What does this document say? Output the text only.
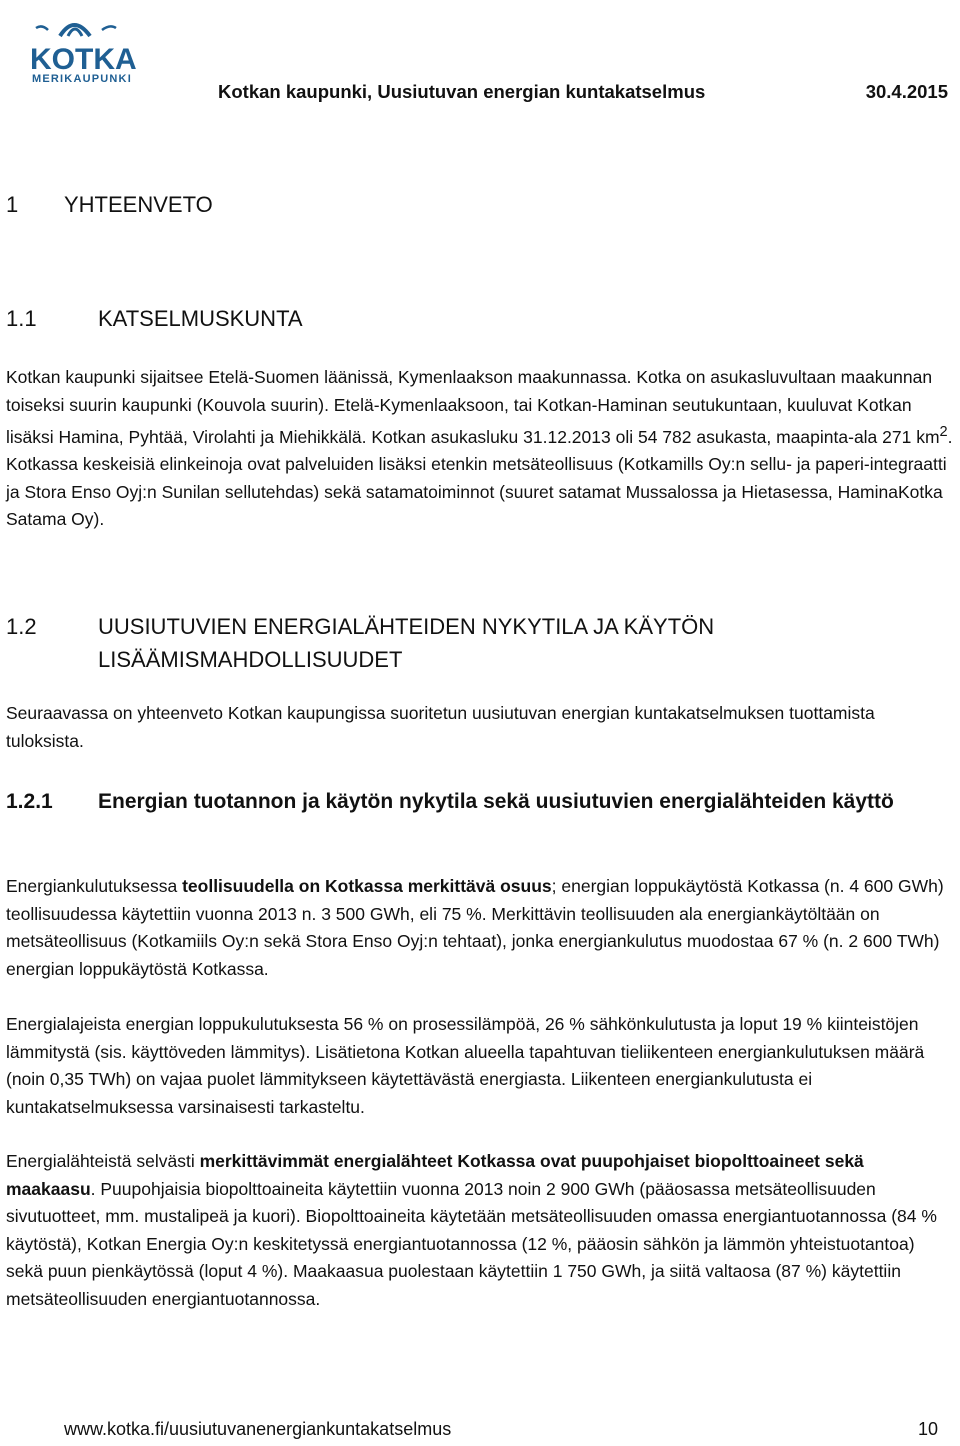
KOTKA
MERIKAUPUNKI
Kotkan kaupunki, Uusiutuvan energian kuntakatselmus	30.4.2015
1 YHTEENVETO
1.1	KATSELMUSKUNTA
Kotkan kaupunki sijaitsee Etelä-Suomen läänissä, Kymenlaakson maakunnassa. Kotka on asukasluvultaan maakunnan toiseksi suurin kaupunki (Kouvola suurin). Etelä-Kymenlaaksoon, tai Kotkan-Haminan seutukuntaan, kuuluvat Kotkan lisäksi Hamina, Pyhtää, Virolahti ja Miehikkälä. Kotkan asukasluku 31.12.2013 oli 54 782 asukasta, maapinta-ala 271 $km^2$. Kotkassa keskeisiä elinkeinoja ovat palveluiden lisäksi etenkin metsäteollisuus (Kotkamills Oy:n sellu- ja paperi-integraatti ja Stora Enso Oyj:n Sunilan sellutehdas) sekä satamatoiminnot (suuret satamat Mussalossa ja Hietasessa, HaminaKotka Satama Oy).
1.2	UUSIUTUVIEN ENERGIALÄHTEIDEN NYKYTILA JA KÄYTÖN LISÄÄMISMAHDOLLISUUDET
Seuraavassa on yhteenveto Kotkan kaupungissa suoritetun uusiutuvan energian kuntakatselmuksen tuottamista tuloksista.
1.2.1 Energian tuotannon ja käytön nykytila sekä uusiutuvien energialähteiden käyttö
Energiankulutuksessa teollisuudella on Kotkassa merkittävä osuus; energian loppukäytöstä Kotkassa (n. 4 600 GWh) teollisuudessa käytettiin vuonna 2013 n. 3 500 GWh, eli 75 %. Merkittävin teollisuuden ala energiankäytöltään on metsäteollisuus (Kotkamiils Oy:n sekä Stora Enso Oyj:n tehtaat), jonka energiankulutus muodostaa 67 % (n. 2 600 TWh) energian loppukäytöstä Kotkassa.
Energialajeista energian loppukulutuksesta 56 % on prosessilämpöä, 26 % sähkönkulutusta ja loput 19 % kiinteistöjen lämmitystä (sis. käyttöveden lämmitys). Lisätietona Kotkan alueella tapahtuvan tieliikenteen energiankulutuksen määrä (noin 0,35 TWh) on vajaa puolet lämmitykseen käytettävästä energiasta. Liikenteen energiankulutusta ei kuntakatselmuksessa varsinaisesti tarkasteltu.
Energialähteistä selvästi merkittävimmät energialähteet Kotkassa ovat puupohjaiset biopolttoaineet sekä maakaasu. Puupohjaisia biopolttoaineita käytettiin vuonna 2013 noin 2 900 GWh (pääosassa metsäteollisuuden sivutuotteet, mm. mustalipeä ja kuori). Biopolttoaineita käytetään metsäteollisuuden omassa energiantuotannossa (84 % käytöstä), Kotkan Energia Oy:n keskitetyssä energiantuotannossa (12 %, pääosin sähkön ja lämmön yhteistuotantoa) sekä puun pienkäytössä (loput 4 %). Maakaasua puolestaan käytettiin 1 750 GWh, ja siitä valtaosa (87 %) käytettiin metsäteollisuuden energiantuotannossa.
www.kotka.fi/uusiutuvanenergiankuntakatselmus	10
